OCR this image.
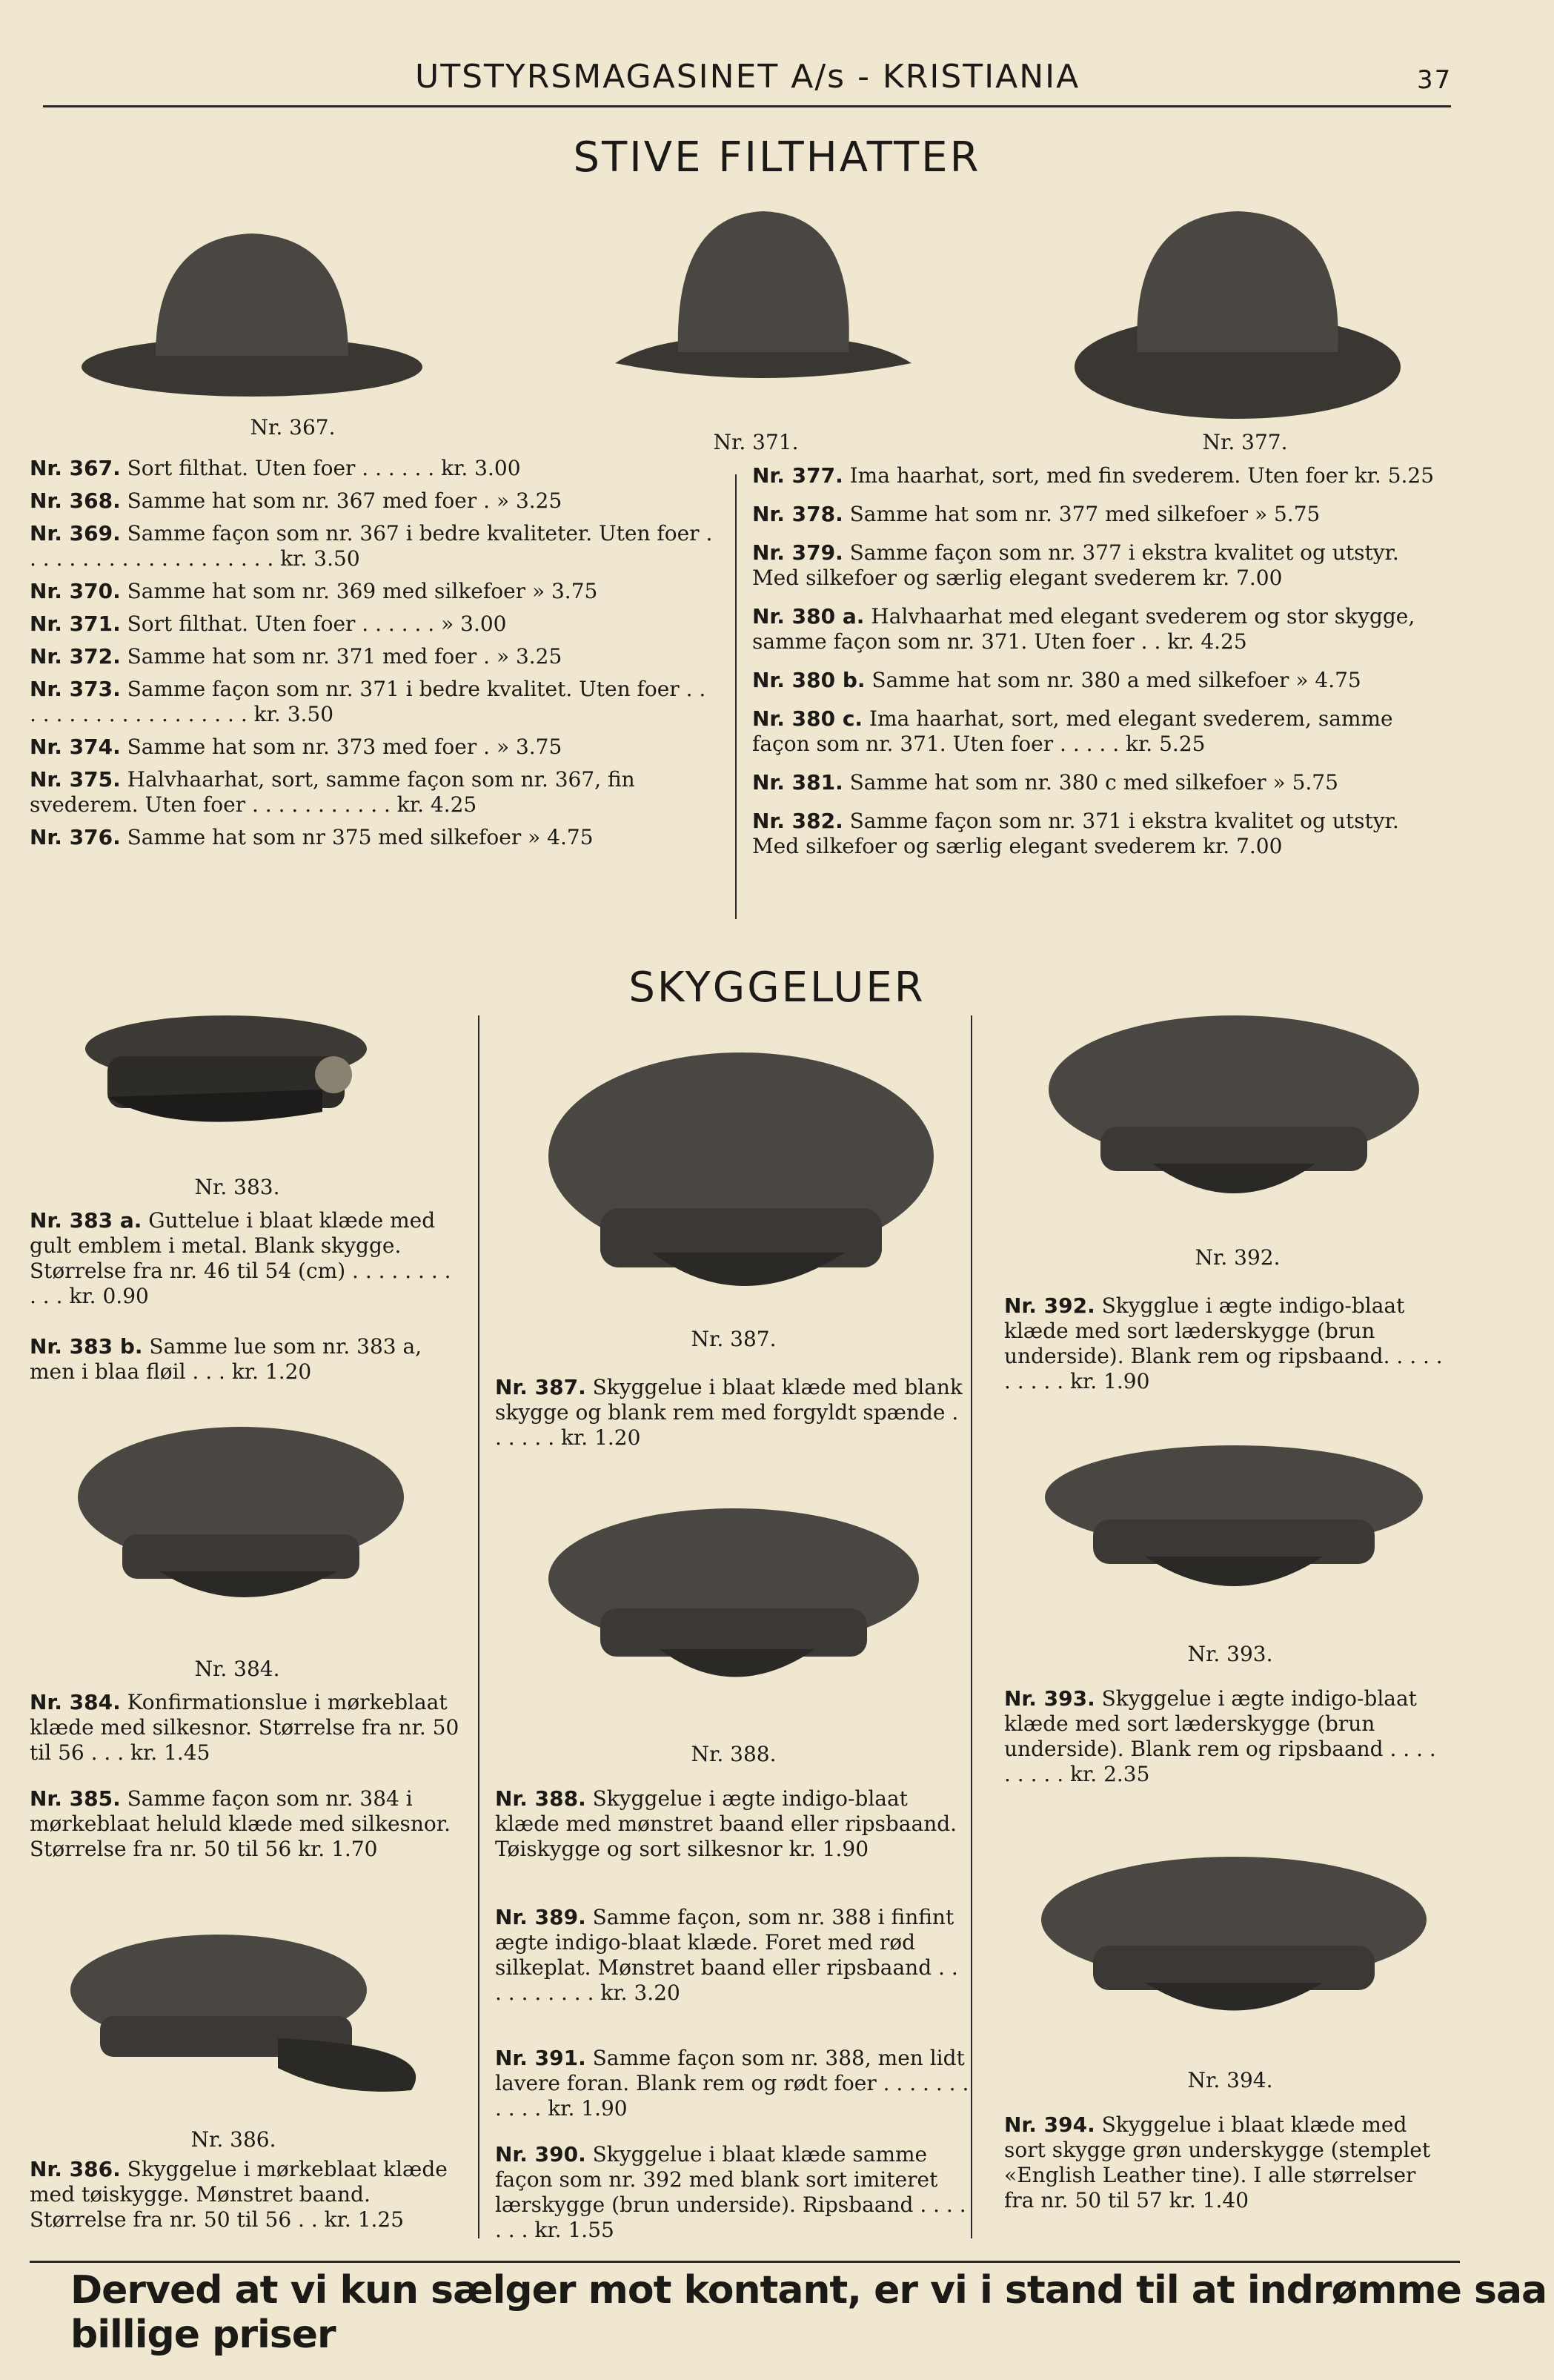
UTSTYRSMAGASINET A/s - KRISTIANIA	37
STIVE FILTHATTER
Nr. 367.
Nr. 371.	Nr. 377.
Nr. 367. Sort filthat. Uten foer . . . . . . kr. 3.00
Nr. 368. Samme hat som nr. 367 med foer . » 3.25
Nr. 369. Samme façon som nr. 367 i bedre kvaliteter. Uten foer . . . . . . . . . . . . . . . . . . . . kr. 3.50
Nr. 370. Samme hat som nr. 369 med silkefoer » 3.75
Nr. 371. Sort filthat. Uten foer . . . . . . » 3.00
Nr. 372. Samme hat som nr. 371 med foer . » 3.25
Nr. 373. Samme façon som nr. 371 i bedre kvalitet. Uten foer . . . . . . . . . . . . . . . . . . . kr. 3.50
Nr. 374. Samme hat som nr. 373 med foer . » 3.75
Nr. 375. Halvhaarhat, sort, samme façon som nr. 367, fin svederem. Uten foer . . . . . . . . . . . kr. 4.25
Nr. 376. Samme hat som nr 375 med silkefoer » 4.75
Nr. 377. Ima haarhat, sort, med fin svederem. Uten foer kr. 5.25
Nr. 378. Samme hat som nr. 377 med silkefoer » 5.75
Nr. 379. Samme façon som nr. 377 i ekstra kvalitet og utstyr. Med silkefoer og særlig elegant svederem kr. 7.00
Nr. 380 a. Halvhaarhat med elegant svederem og stor skygge, samme façon som nr. 371. Uten foer . . kr. 4.25
Nr. 380 b. Samme hat som nr. 380 a med silkefoer » 4.75
Nr. 380 c. Ima haarhat, sort, med elegant svederem, samme façon som nr. 371. Uten foer . . . . . kr. 5.25
Nr. 381. Samme hat som nr. 380 c med silkefoer » 5.75
Nr. 382. Samme façon som nr. 371 i ekstra kvalitet og utstyr. Med silkefoer og særlig elegant svederem kr. 7.00
SKYGGELUER
Nr. 383.
Nr. 384.
Nr. 386.
Nr. 383 a. Guttelue i blaat klæde med gult emblem i metal. Blank skygge. Størrelse fra nr. 46 til 54 (cm) . . . . . . . . . . . kr. 0.90
Nr. 383 b. Samme lue som nr. 383 a, men i blaa fløil . . . kr. 1.20
Nr. 384. Konfirmationslue i mørkeblaat klæde med silkesnor. Størrelse fra nr. 50 til 56 . . . kr. 1.45
Nr. 385. Samme façon som nr. 384 i mørkeblaat heluld klæde med silkesnor. Størrelse fra nr. 50 til 56 kr. 1.70
Nr. 386. Skyggelue i mørkeblaat klæde med tøiskygge. Mønstret baand. Størrelse fra nr. 50 til 56 . . kr. 1.25
Nr. 387.
Nr. 388.
Nr. 387. Skyggelue i blaat klæde med blank skygge og blank rem med forgyldt spænde . . . . . . kr. 1.20
Nr. 388. Skyggelue i ægte indigo-blaat klæde med mønstret baand eller ripsbaand. Tøiskygge og sort silkesnor kr. 1.90
Nr. 389. Samme façon, som nr. 388 i finfint ægte indigo-blaat klæde. Foret med rød silkeplat. Mønstret baand eller ripsbaand . . . . . . . . . . kr. 3.20
Nr. 391. Samme façon som nr. 388, men lidt lavere foran. Blank rem og rødt foer . . . . . . . . . . . kr. 1.90
Nr. 390. Skyggelue i blaat klæde samme façon som nr. 392 med blank sort imiteret lærskygge (brun underside). Ripsbaand . . . . . . . kr. 1.55
Nr. 392.
Nr. 393.
Nr. 394.
Nr. 392. Skygglue i ægte indigo-blaat klæde med sort læderskygge (brun underside). Blank rem og ripsbaand. . . . . . . . . . kr. 1.90
Nr. 393. Skyggelue i ægte indigo-blaat klæde med sort læderskygge (brun underside). Blank rem og ripsbaand . . . . . . . . . kr. 2.35
Nr. 394. Skyggelue i blaat klæde med sort skygge grøn underskygge (stemplet «English Leather tine). I alle størrelser fra nr. 50 til 57 kr. 1.40
Derved at vi kun sælger mot kontant, er vi i stand til at indrømme saa billige priser
